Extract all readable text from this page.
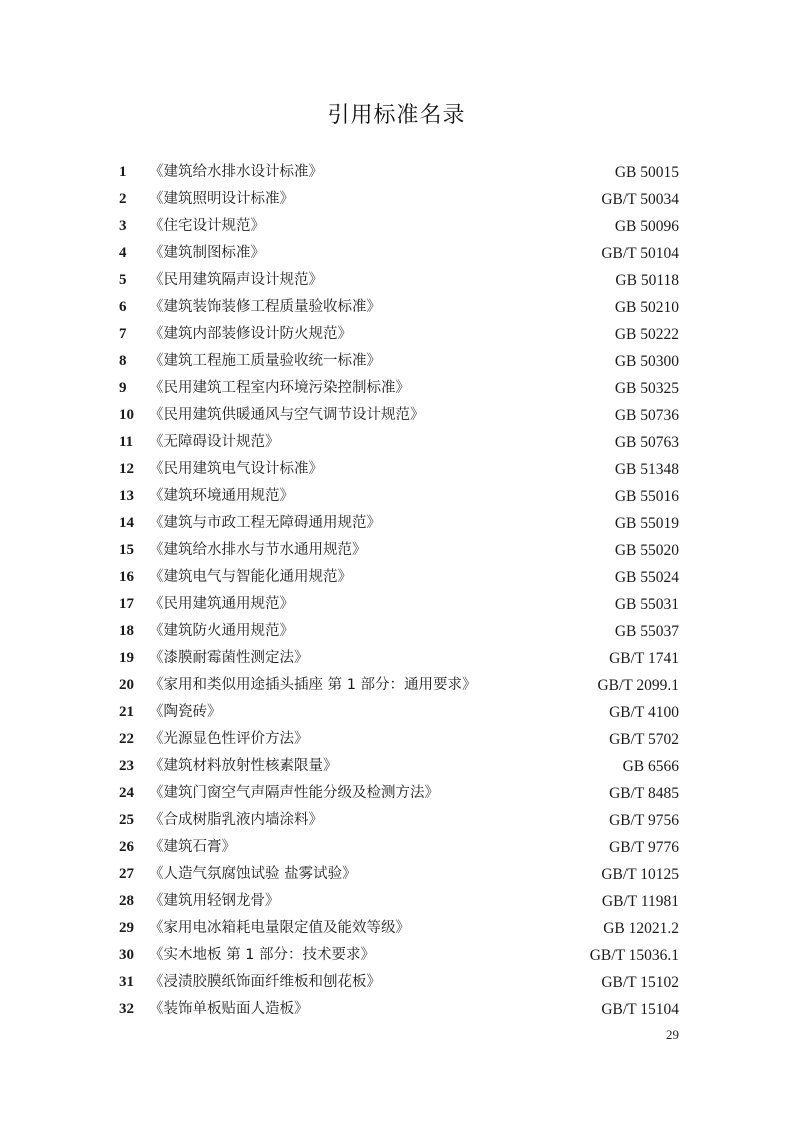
引用标准名录
1	《建筑给水排水设计标准》	GB 50015
2	《建筑照明设计标准》	GB/T 50034
3	《住宅设计规范》	GB 50096
4	《建筑制图标准》	GB/T 50104
5	《民用建筑隔声设计规范》	GB 50118
6	《建筑装饰装修工程质量验收标准》	GB 50210
7	《建筑内部装修设计防火规范》	GB 50222
8	《建筑工程施工质量验收统一标准》	GB 50300
9	《民用建筑工程室内环境污染控制标准》	GB 50325
10	《民用建筑供暖通风与空气调节设计规范》	GB 50736
11	《无障碍设计规范》	GB 50763
12	《民用建筑电气设计标准》	GB 51348
13	《建筑环境通用规范》	GB 55016
14	《建筑与市政工程无障碍通用规范》	GB 55019
15	《建筑给水排水与节水通用规范》	GB 55020
16	《建筑电气与智能化通用规范》	GB 55024
17	《民用建筑通用规范》	GB 55031
18	《建筑防火通用规范》	GB 55037
19	《漆膜耐霉菌性测定法》	GB/T 1741
20	《家用和类似用途插头插座 第 1 部分：通用要求》	GB/T 2099.1
21	《陶瓷砖》	GB/T 4100
22	《光源显色性评价方法》	GB/T 5702
23	《建筑材料放射性核素限量》	GB 6566
24	《建筑门窗空气声隔声性能分级及检测方法》	GB/T 8485
25	《合成树脂乳液内墙涂料》	GB/T 9756
26	《建筑石膏》	GB/T 9776
27	《人造气氛腐蚀试验 盐雾试验》	GB/T 10125
28	《建筑用轻钢龙骨》	GB/T 11981
29	《家用电冰箱耗电量限定值及能效等级》	GB 12021.2
30	《实木地板 第 1 部分：技术要求》	GB/T 15036.1
31	《浸渍胶膜纸饰面纤维板和刨花板》	GB/T 15102
32	《装饰单板贴面人造板》	GB/T 15104
29
